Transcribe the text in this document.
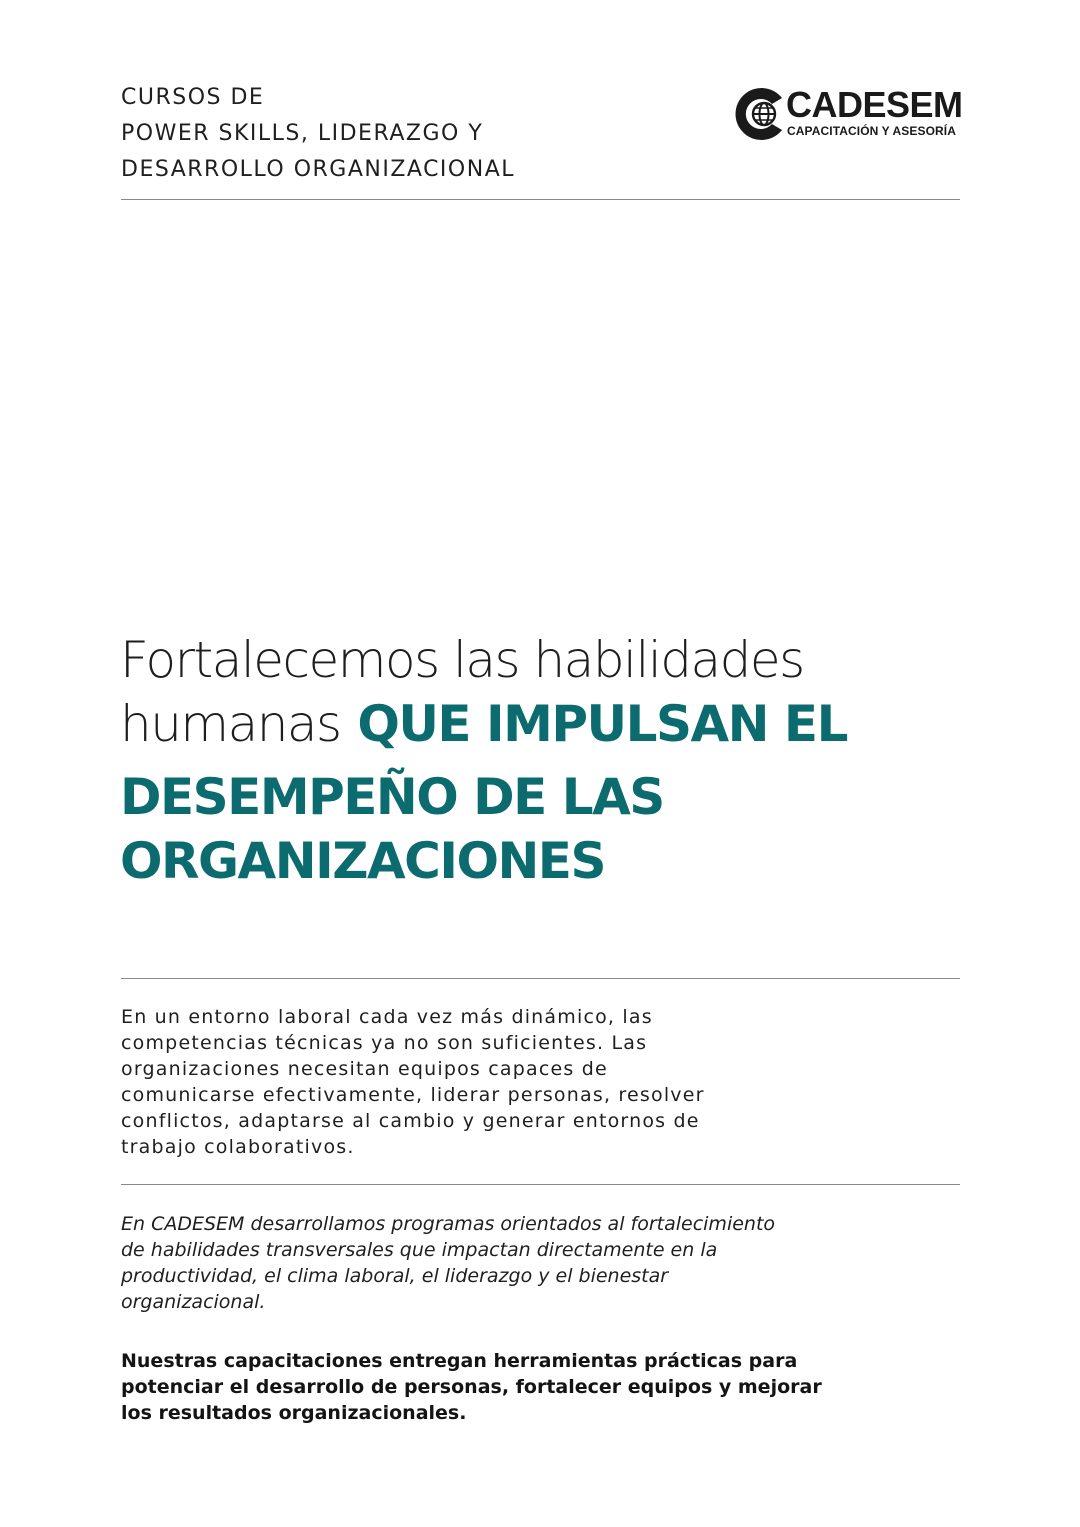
CURSOS DE
POWER SKILLS, LIDERAZGO Y
DESARROLLO ORGANIZACIONAL
CADESEM
CAPACITACIÓN Y ASESORÍA
Fortalecemos las habilidades
humanas QUE IMPULSAN EL
DESEMPEÑO DE LAS
ORGANIZACIONES

En un entorno laboral cada vez más dinámico, las
competencias técnicas ya no son suficientes. Las
organizaciones necesitan equipos capaces de
comunicarse efectivamente, liderar personas, resolver
conflictos, adaptarse al cambio y generar entornos de
trabajo colaborativos.

En CADESEM desarrollamos programas orientados al fortalecimiento
de habilidades transversales que impactan directamente en la
productividad, el clima laboral, el liderazgo y el bienestar
organizacional.

Nuestras capacitaciones entregan herramientas prácticas para
potenciar el desarrollo de personas, fortalecer equipos y mejorar
los resultados organizacionales.
